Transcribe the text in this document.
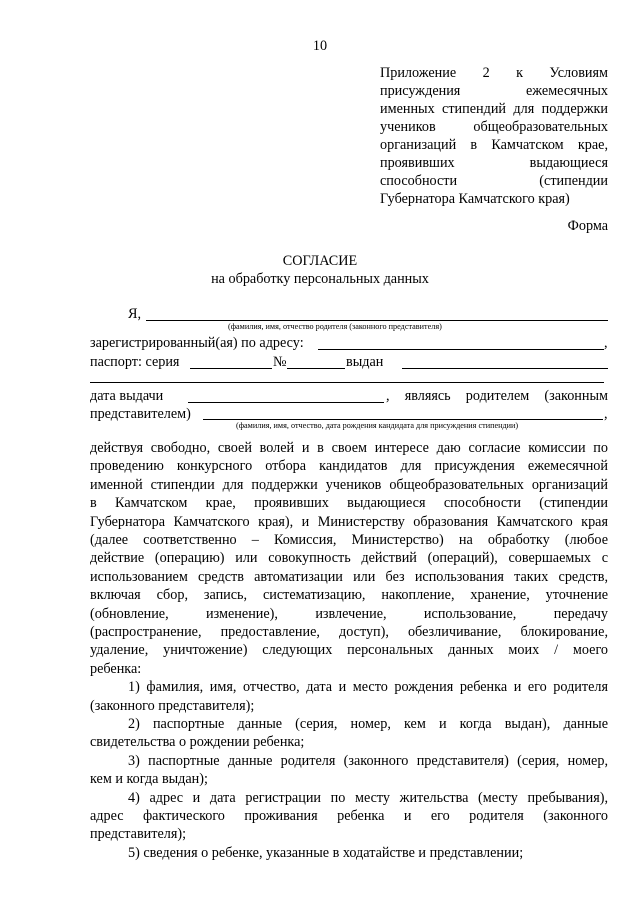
10
Приложение 2 к Условиям
присуждения ежемесячных
именных стипендий для поддержки
учеников общеобразовательных
организаций в Камчатском крае,
проявивших выдающиеся
способности (стипендии
Губернатора Камчатского края)
Форма
СОГЛАСИЕ
на обработку персональных данных
Я,
(фамилия, имя, отчество родителя (законного представителя)
зарегистрированный(ая) по адресу:	,
паспорт: серия	№	выдан
дата выдачи	, являясь родителем (законным
представителем)	,
(фамилия, имя, отчество, дата рождения кандидата для присуждения стипендии)
действуя свободно, своей волей и в своем интересе даю согласие комиссии по
проведению конкурсного отбора кандидатов для присуждения ежемесячной
именной стипендии для поддержки учеников общеобразовательных организаций
в Камчатском крае, проявивших выдающиеся способности (стипендии
Губернатора Камчатского края), и Министерству образования Камчатского края
(далее соответственно – Комиссия, Министерство) на обработку (любое
действие (операцию) или совокупность действий (операций), совершаемых с
использованием средств автоматизации или без использования таких средств,
включая сбор, запись, систематизацию, накопление, хранение, уточнение
(обновление, изменение), извлечение, использование, передачу
(распространение, предоставление, доступ), обезличивание, блокирование,
удаление, уничтожение) следующих персональных данных моих / моего
ребенка:
1) фамилия, имя, отчество, дата и место рождения ребенка и его родителя
(законного представителя);
2) паспортные данные (серия, номер, кем и когда выдан), данные
свидетельства о рождении ребенка;
3) паспортные данные родителя (законного представителя) (серия, номер,
кем и когда выдан);
4) адрес и дата регистрации по месту жительства (месту пребывания),
адрес фактического проживания ребенка и его родителя (законного
представителя);
5) сведения о ребенке, указанные в ходатайстве и представлении;
